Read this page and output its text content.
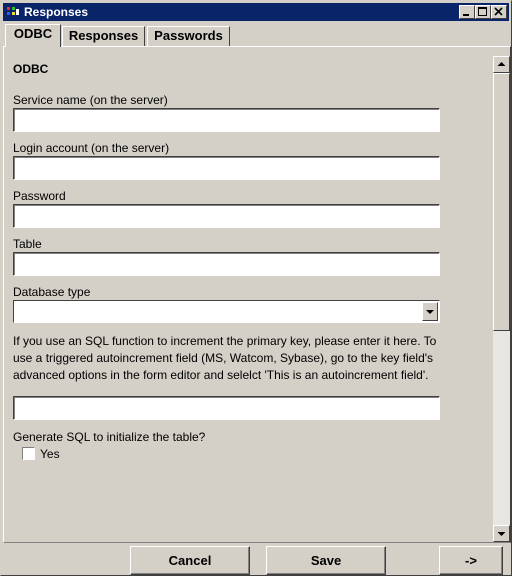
Responses
ODBC	Responses	Passwords
ODBC
Service name (on the server)
Login account (on the server)
Password
Table
Database type
If you use an SQL function to increment the primary key, please enter it here. To use a triggered autoincrement field (MS, Watcom, Sybase), go to the key field's advanced options in the form editor and selelct 'This is an autoincrement field'.
Generate SQL to initialize the table?
Yes
Cancel	Save	->
